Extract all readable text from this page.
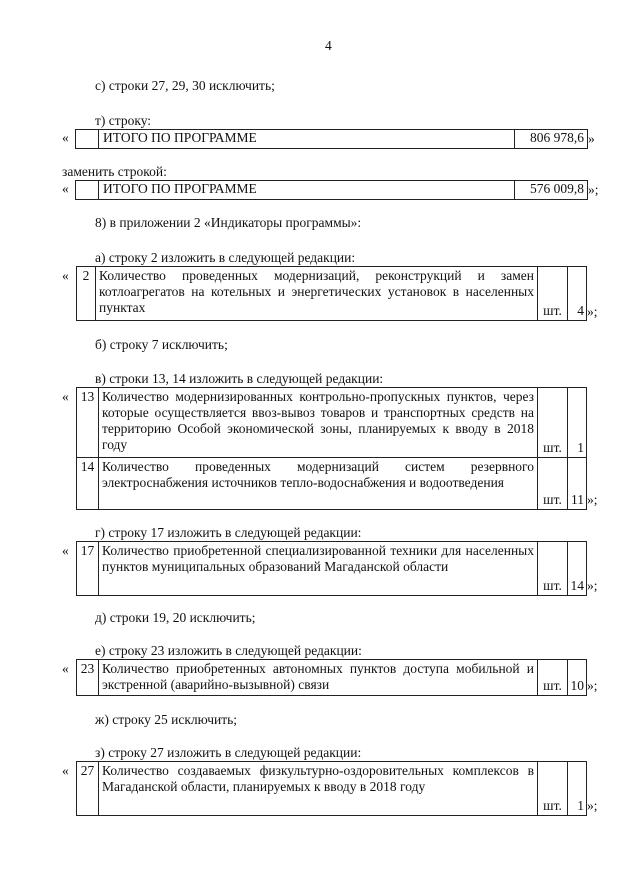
4
с) строки 27, 29, 30 исключить;
т) строку:
«
		ИТОГО ПО ПРОГРАММЕ	806 978,6 »
заменить строкой:
«
		ИТОГО ПО ПРОГРАММЕ	576 009,8 »;
8) в приложении 2 «Индикаторы программы»:
а) строку 2 изложить в следующей редакции:
« 2	Количество проведенных модернизаций, реконструкций и замен котлоагрегатов на котельных и энергетических установок в населенных пунктах	шт.	4 »;
б) строку 7 исключить;
в) строки 13, 14 изложить в следующей редакции:
« 13	Количество модернизированных контрольно-пропускных пунктов, через которые осуществляется ввоз-вывоз товаров и транспортных средств на территорию Особой экономической зоны, планируемых к вводу в 2018 году	шт.	1
14	Количество проведенных модернизаций систем резервного электроснабжения источников тепло-водоснабжения и водоотведения	шт.	11 »;
г) строку 17 изложить в следующей редакции:
« 17	Количество приобретенной специализированной техники для населенных пунктов муниципальных образований Магаданской области	шт.	14 »;
д) строки 19, 20 исключить;
е) строку 23 изложить в следующей редакции:
« 23	Количество приобретенных автономных пунктов доступа мобильной и экстренной (аварийно-вызывной) связи	шт.	10 »;
ж) строку 25 исключить;
з) строку 27 изложить в следующей редакции:
« 27	Количество создаваемых физкультурно-оздоровительных комплексов в Магаданской области, планируемых к вводу в 2018 году	шт.	1 »;
